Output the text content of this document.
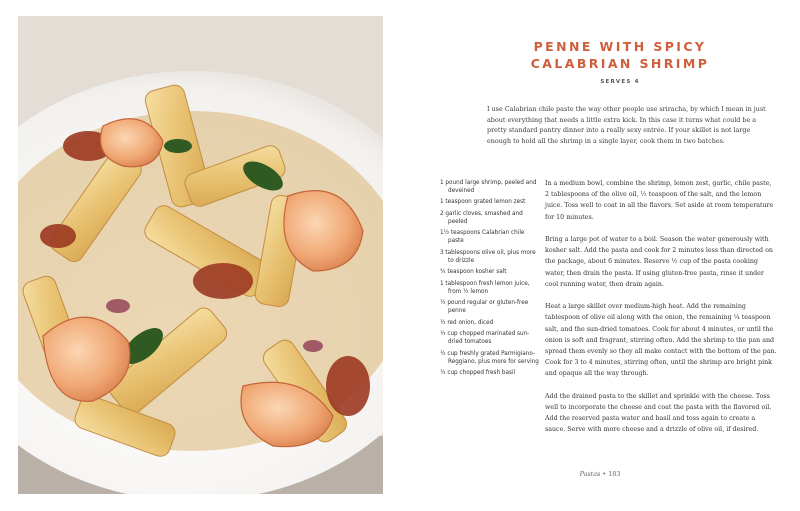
PENNE WITH SPICY
CALABRIAN SHRIMP
SERVES 4
I use Calabrian chile paste the way other people use sriracha, by which I mean in just about everything that needs a little extra kick. In this case it turns what could be a pretty standard pantry dinner into a really sexy entrée. If your skillet is not large enough to hold all the shrimp in a single layer, cook them in two batches.
1 pound large shrimp, peeled and deveined
1 teaspoon grated lemon zest
2 garlic cloves, smashed and peeled
1½ teaspoons Calabrian chile paste
3 tablespoons olive oil, plus more to drizzle
¾ teaspoon kosher salt
1 tablespoon fresh lemon juice, from ½ lemon
½ pound regular or gluten-free penne
½ red onion, diced
⅓ cup chopped marinated sun-dried tomatoes
½ cup freshly grated Parmigiano-Reggiano, plus more for serving
¼ cup chopped fresh basil

In a medium bowl, combine the shrimp, lemon zest, garlic, chile paste, 2 tablespoons of the olive oil, ½ teaspoon of the salt, and the lemon juice. Toss well to coat in all the flavors. Set aside at room temperature for 10 minutes.

Bring a large pot of water to a boil. Season the water generously with kosher salt. Add the pasta and cook for 2 minutes less than directed on the package, about 6 minutes. Reserve ½ cup of the pasta cooking water, then drain the pasta. If using gluten-free pasta, rinse it under cool running water, then drain again.

Heat a large skillet over medium-high heat. Add the remaining tablespoon of olive oil along with the onion, the remaining ¼ teaspoon salt, and the sun-dried tomatoes. Cook for about 4 minutes, or until the onion is soft and fragrant, stirring often. Add the shrimp to the pan and spread them evenly so they all make contact with the bottom of the pan. Cook for 3 to 4 minutes, stirring often, until the shrimp are bright pink and opaque all the way through.

Add the drained pasta to the skillet and sprinkle with the cheese. Toss well to incorporate the cheese and coat the pasta with the flavored oil. Add the reserved pasta water and basil and toss again to create a sauce. Serve with more cheese and a drizzle of olive oil, if desired.

Pastas • 183
